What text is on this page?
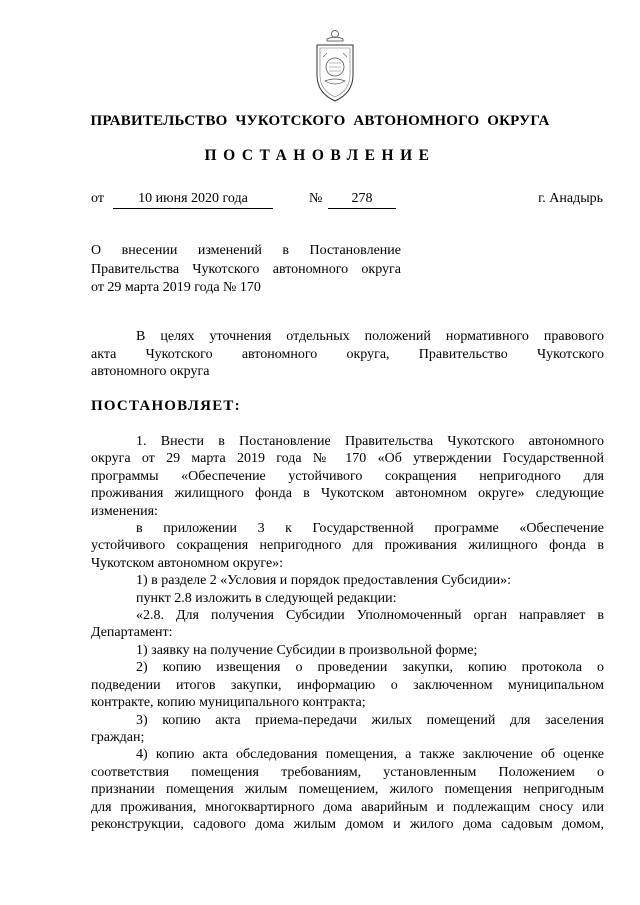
ПРАВИТЕЛЬСТВО  ЧУКОТСКОГО  АВТОНОМНОГО  ОКРУГА
ПОСТАНОВЛЕНИЕ
от	10 июня 2020 года	№	278	г. Анадырь
О   внесении   изменений   в   Постановление
Правительства Чукотского автономного округа
от 29 марта 2019 года № 170
В целях уточнения отдельных положений нормативного правового
акта   Чукотского   автономного   округа,   Правительство   Чукотского
автономного округа
ПОСТАНОВЛЯЕТ:
1. Внести в Постановление Правительства Чукотского автономного
округа от 29 марта 2019 года № 170 «Об утверждении Государственной
программы «Обеспечение устойчивого сокращения непригодного для
проживания жилищного фонда в Чукотском автономном округе» следующие
изменения:
в приложении 3 к Государственной программе «Обеспечение
устойчивого сокращения непригодного для проживания жилищного фонда в
Чукотском автономном округе»:
1) в разделе 2 «Условия и порядок предоставления Субсидии»:
пункт 2.8 изложить в следующей редакции:
«2.8. Для получения Субсидии Уполномоченный орган направляет в
Департамент:
1) заявку на получение Субсидии в произвольной форме;
2) копию извещения о проведении закупки, копию протокола о
подведении итогов закупки, информацию о заключенном муниципальном
контракте, копию муниципального контракта;
3) копию акта приема-передачи жилых помещений для заселения
граждан;
4) копию акта обследования помещения, а также заключение об оценке
соответствия помещения требованиям, установленным Положением о
признании помещения жилым помещением, жилого помещения непригодным
для проживания, многоквартирного дома аварийным и подлежащим сносу или
реконструкции, садового дома жилым домом и жилого дома садовым домом,
